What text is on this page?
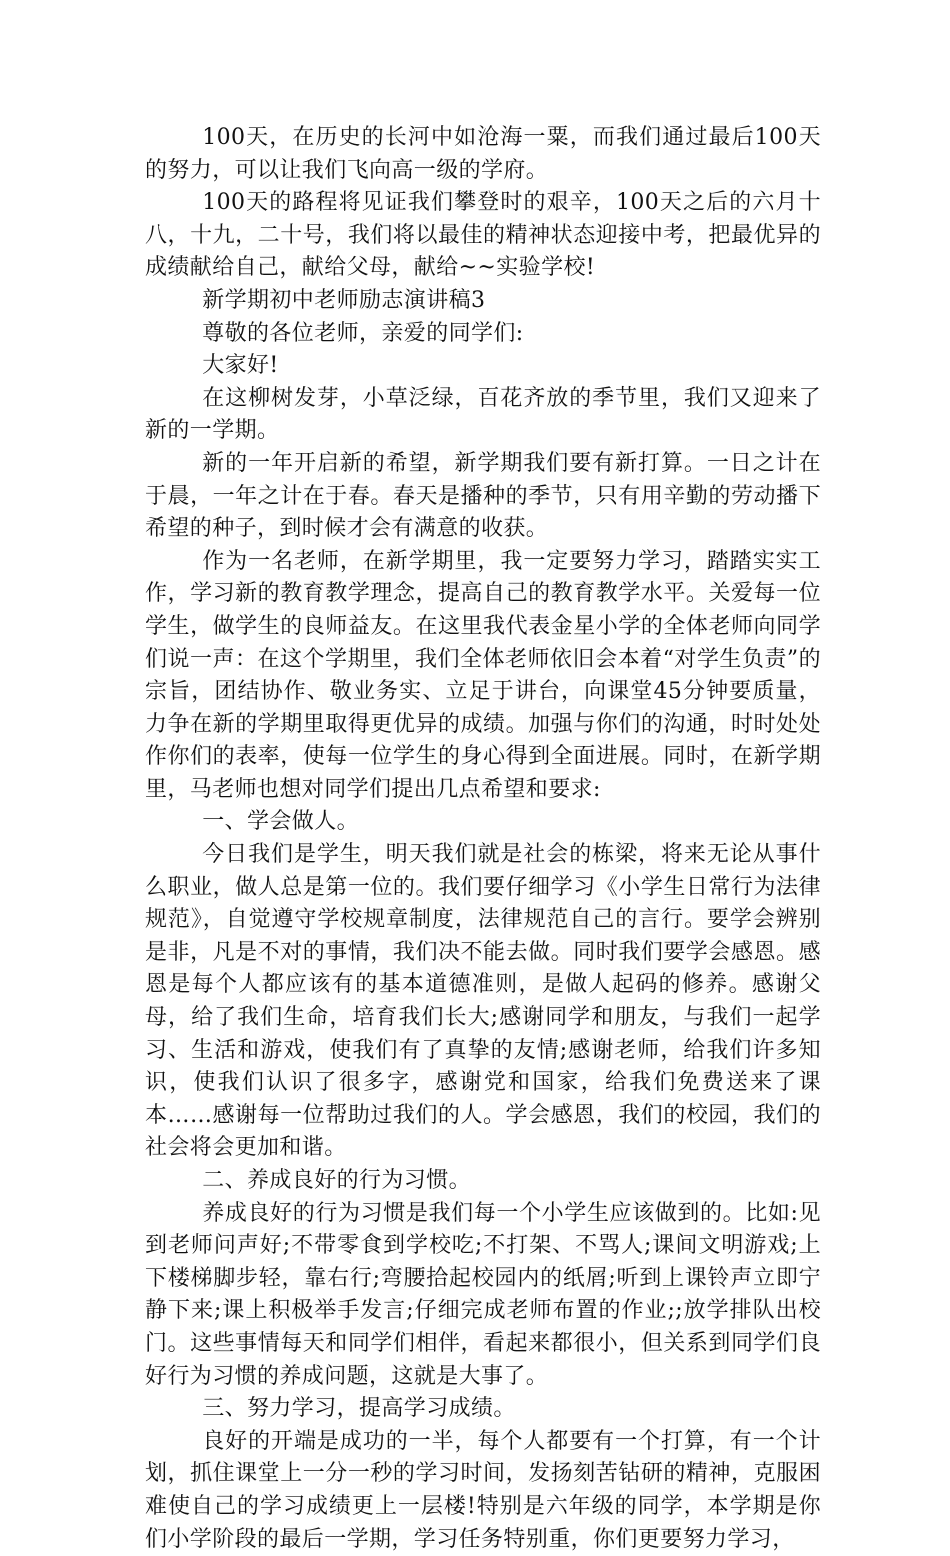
100天，在历史的长河中如沧海一粟，而我们通过最后100天的努力，可以让我们飞向高一级的学府。

100天的路程将见证我们攀登时的艰辛，100天之后的六月十八，十九，二十号，我们将以最佳的精神状态迎接中考，把最优异的成绩献给自己，献给父母，献给~~实验学校!

新学期初中老师励志演讲稿3

尊敬的各位老师，亲爱的同学们:

大家好!

在这柳树发芽，小草泛绿，百花齐放的季节里，我们又迎来了新的一学期。

新的一年开启新的希望，新学期我们要有新打算。一日之计在于晨，一年之计在于春。春天是播种的季节，只有用辛勤的劳动播下希望的种子，到时候才会有满意的收获。

作为一名老师，在新学期里，我一定要努力学习，踏踏实实工作，学习新的教育教学理念，提高自己的教育教学水平。关爱每一位学生，做学生的良师益友。在这里我代表金星小学的全体老师向同学们说一声：在这个学期里，我们全体老师依旧会本着“对学生负责”的宗旨，团结协作、敬业务实、立足于讲台，向课堂45分钟要质量，力争在新的学期里取得更优异的成绩。加强与你们的沟通，时时处处作你们的表率，使每一位学生的身心得到全面进展。同时，在新学期里，马老师也想对同学们提出几点希望和要求:

一、学会做人。

今日我们是学生，明天我们就是社会的栋梁，将来无论从事什么职业，做人总是第一位的。我们要仔细学习《小学生日常行为法律规范》，自觉遵守学校规章制度，法律规范自己的言行。要学会辨别是非，凡是不对的事情，我们决不能去做。同时我们要学会感恩。感恩是每个人都应该有的基本道德准则，是做人起码的修养。感谢父母，给了我们生命，培育我们长大;感谢同学和朋友，与我们一起学习、生活和游戏，使我们有了真挚的友情;感谢老师，给我们许多知识，使我们认识了很多字，感谢党和国家，给我们免费送来了课本……感谢每一位帮助过我们的人。学会感恩，我们的校园，我们的社会将会更加和谐。

二、养成良好的行为习惯。

养成良好的行为习惯是我们每一个小学生应该做到的。比如:见到老师问声好;不带零食到学校吃;不打架、不骂人;课间文明游戏;上下楼梯脚步轻，靠右行;弯腰拾起校园内的纸屑;听到上课铃声立即宁静下来;课上积极举手发言;仔细完成老师布置的作业;;放学排队出校门。这些事情每天和同学们相伴，看起来都很小，但关系到同学们良好行为习惯的养成问题，这就是大事了。

三、努力学习，提高学习成绩。

良好的开端是成功的一半，每个人都要有一个打算，有一个计划，抓住课堂上一分一秒的学习时间，发扬刻苦钻研的精神，克服困难使自己的学习成绩更上一层楼!特别是六年级的同学，本学期是你们小学阶段的最后一学期，学习任务特别重，你们更要努力学习，
